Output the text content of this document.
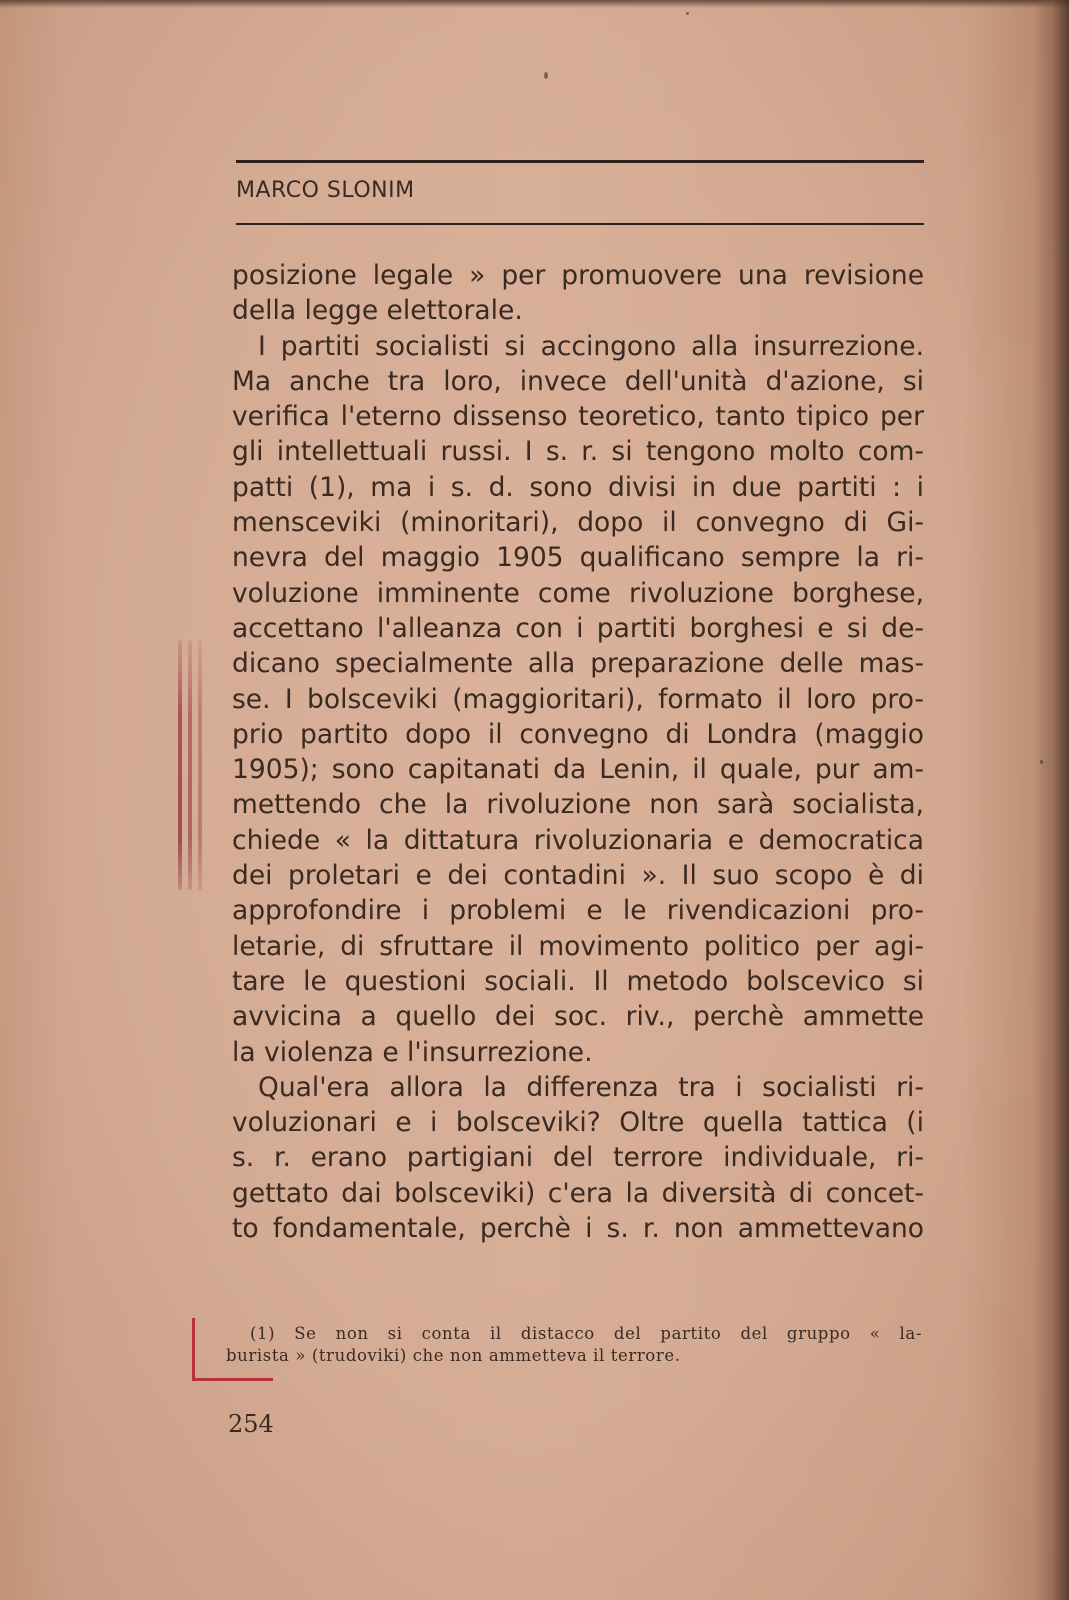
MARCO SLONIM
posizione legale » per promuovere una revisione
della legge elettorale.
I partiti socialisti si accingono alla insurrezione.
Ma anche tra loro, invece dell'unità d'azione, si
verifica l'eterno dissenso teoretico, tanto tipico per
gli intellettuali russi. I s. r. si tengono molto com-
patti (1), ma i s. d. sono divisi in due partiti : i
mensceviki (minoritari), dopo il convegno di Gi-
nevra del maggio 1905 qualificano sempre la ri-
voluzione imminente come rivoluzione borghese,
accettano l'alleanza con i partiti borghesi e si de-
dicano specialmente alla preparazione delle mas-
se. I bolsceviki (maggioritari), formato il loro pro-
prio partito dopo il convegno di Londra (maggio
1905); sono capitanati da Lenin, il quale, pur am-
mettendo che la rivoluzione non sarà socialista,
chiede « la dittatura rivoluzionaria e democratica
dei proletari e dei contadini ». Il suo scopo è di
approfondire i problemi e le rivendicazioni pro-
letarie, di sfruttare il movimento politico per agi-
tare le questioni sociali. Il metodo bolscevico si
avvicina a quello dei soc. riv., perchè ammette
la violenza e l'insurrezione.
Qual'era allora la differenza tra i socialisti ri-
voluzionari e i bolsceviki? Oltre quella tattica (i
s. r. erano partigiani del terrore individuale, ri-
gettato dai bolsceviki) c'era la diversità di concet-
to fondamentale, perchè i s. r. non ammettevano
(1) Se non si conta il distacco del partito del gruppo « la-
burista » (trudoviki) che non ammetteva il terrore.
254
